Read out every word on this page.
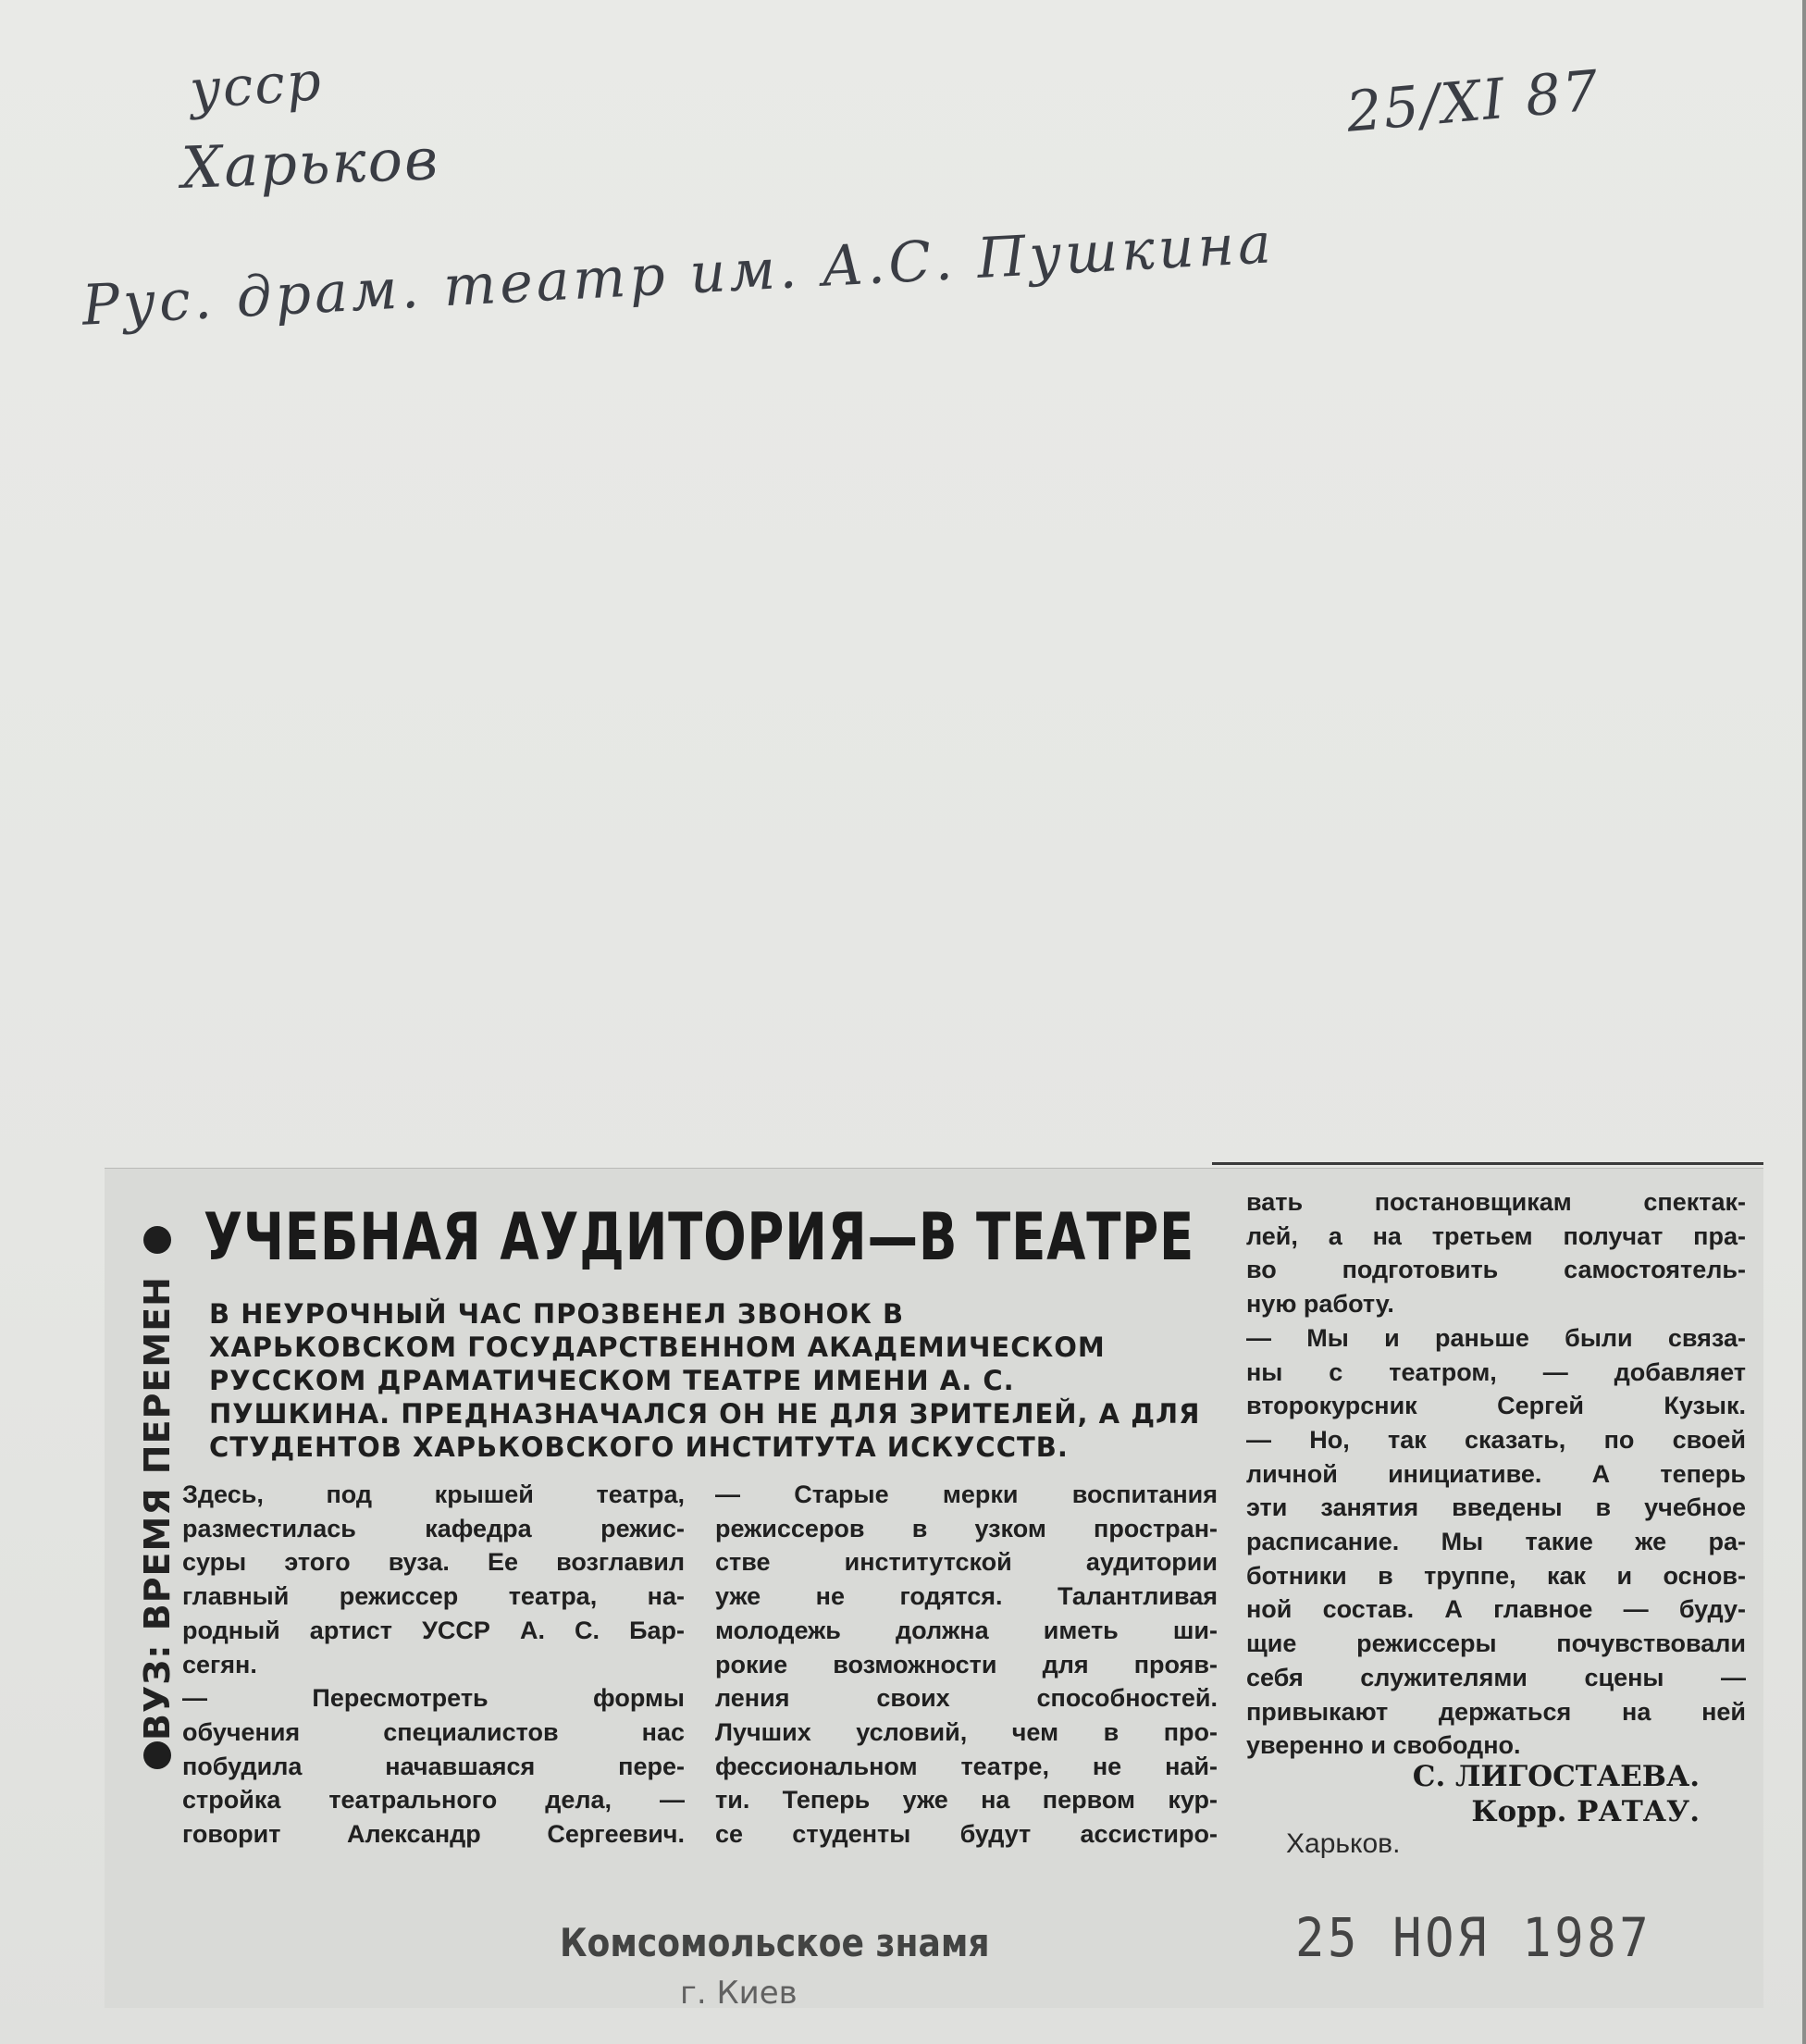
усср
Харьков
Рус. драм. театр им. А.С. Пушкина
25/XI 87
ВУЗ: ВРЕМЯ ПЕРЕМЕН
УЧЕБНАЯ АУДИТОРИЯ—В ТЕАТРЕ
В НЕУРОЧНЫЙ ЧАС ПРОЗВЕНЕЛ ЗВОНОК В
ХАРЬКОВСКОМ ГОСУДАРСТВЕННОМ АКАДЕМИЧЕСКОМ
РУССКОМ ДРАМАТИЧЕСКОМ ТЕАТРЕ ИМЕНИ А. С.
ПУШКИНА. ПРЕДНАЗНАЧАЛСЯ ОН НЕ ДЛЯ ЗРИТЕЛЕЙ, А ДЛЯ
СТУДЕНТОВ ХАРЬКОВСКОГО ИНСТИТУТА ИСКУССТВ.
Здесь, под крышей театра,
разместилась кафедра режис-
суры этого вуза. Ее возглавил
главный режиссер театра, на-
родный артист УССР А. С. Бар-
сегян.
— Пересмотреть формы
обучения специалистов нас
побудила начавшаяся пере-
стройка театрального дела, —
говорит Александр Сергеевич.
— Старые мерки воспитания
режиссеров в узком простран-
стве институтской аудитории
уже не годятся. Талантливая
молодежь должна иметь ши-
рокие возможности для прояв-
ления своих способностей.
Лучших условий, чем в про-
фессиональном театре, не най-
ти. Теперь уже на первом кур-
се студенты будут ассистиро-
вать постановщикам спектак-
лей, а на третьем получат пра-
во подготовить самостоятель-
ную работу.
— Мы и раньше были связа-
ны с театром, — добавляет
второкурсник Сергей Кузык.
— Но, так сказать, по своей
личной инициативе. А теперь
эти занятия введены в учебное
расписание. Мы такие же ра-
ботники в труппе, как и основ-
ной состав. А главное — буду-
щие режиссеры почувствовали
себя служителями сцены —
привыкают держаться на ней
уверенно и свободно.
С. ЛИГОСТАЕВА.
Корр. РАТАУ.
Харьков.
Комсомольское знамя
г. Киев
25 НОЯ 1987
